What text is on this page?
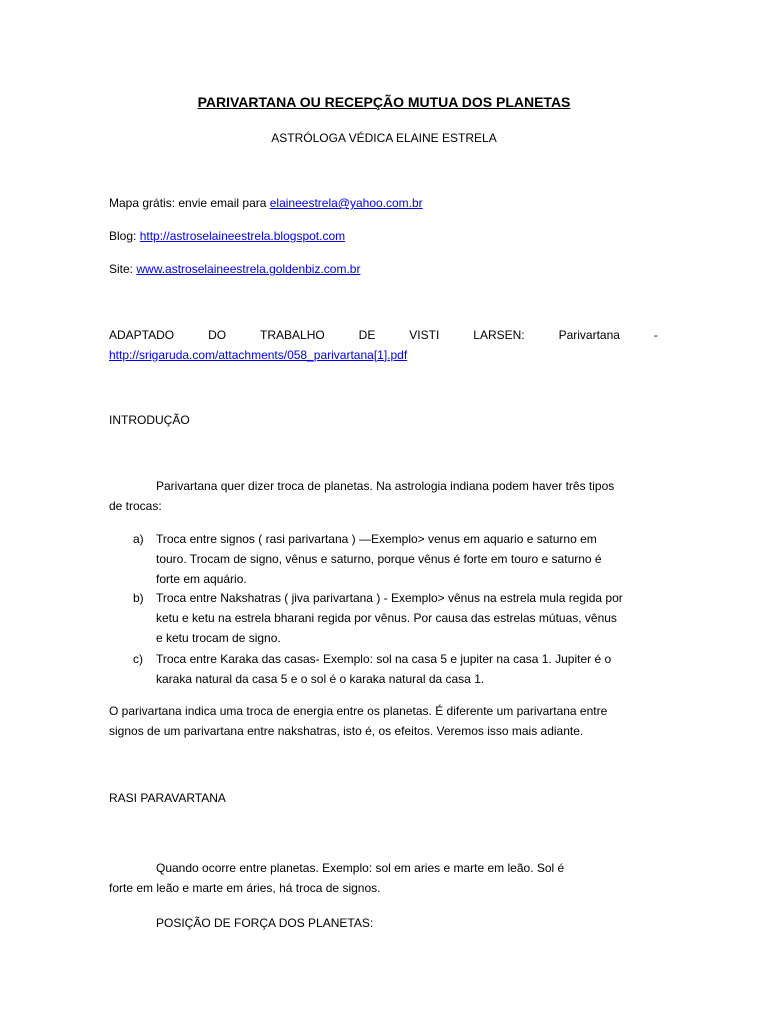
PARIVARTANA OU RECEPÇÃO MUTUA DOS PLANETAS
ASTRÓLOGA VÉDICA ELAINE ESTRELA
Mapa grátis: envie email para elaineestrela@yahoo.com.br
Blog: http://astroselaineestrela.blogspot.com
Site: www.astroselaineestrela.goldenbiz.com.br
ADAPTADO	DO	TRABALHO	DE	VISTI	LARSEN:	Parivartana	-
http://srigaruda.com/attachments/058_parivartana[1].pdf
INTRODUÇÃO
Parivartana quer dizer troca de planetas. Na astrologia indiana podem haver três tipos
de trocas:
a) Troca entre signos ( rasi parivartana ) —Exemplo> venus em aquario e saturno em
touro. Trocam de signo, vênus e saturno, porque vênus é forte em touro e saturno é
forte em aquário.
b) Troca entre Nakshatras ( jiva parivartana ) - Exemplo> vênus na estrela mula regida por
ketu e ketu na estrela bharani regida por vênus. Por causa das estrelas mútuas, vênus
e ketu trocam de signo.
c) Troca entre Karaka das casas- Exemplo: sol na casa 5 e jupiter na casa 1. Jupiter é o
karaka natural da casa 5 e o sol é o karaka natural da casa 1.
O parivartana indica uma troca de energia entre os planetas. É diferente um parivartana entre
signos de um parivartana entre nakshatras, isto é, os efeitos. Veremos isso mais adiante.
RASI PARAVARTANA
Quando ocorre entre planetas. Exemplo: sol em aries e marte em leão. Sol é
forte em leão e marte em áries, há troca de signos.
POSIÇÃO DE FORÇA DOS PLANETAS:
